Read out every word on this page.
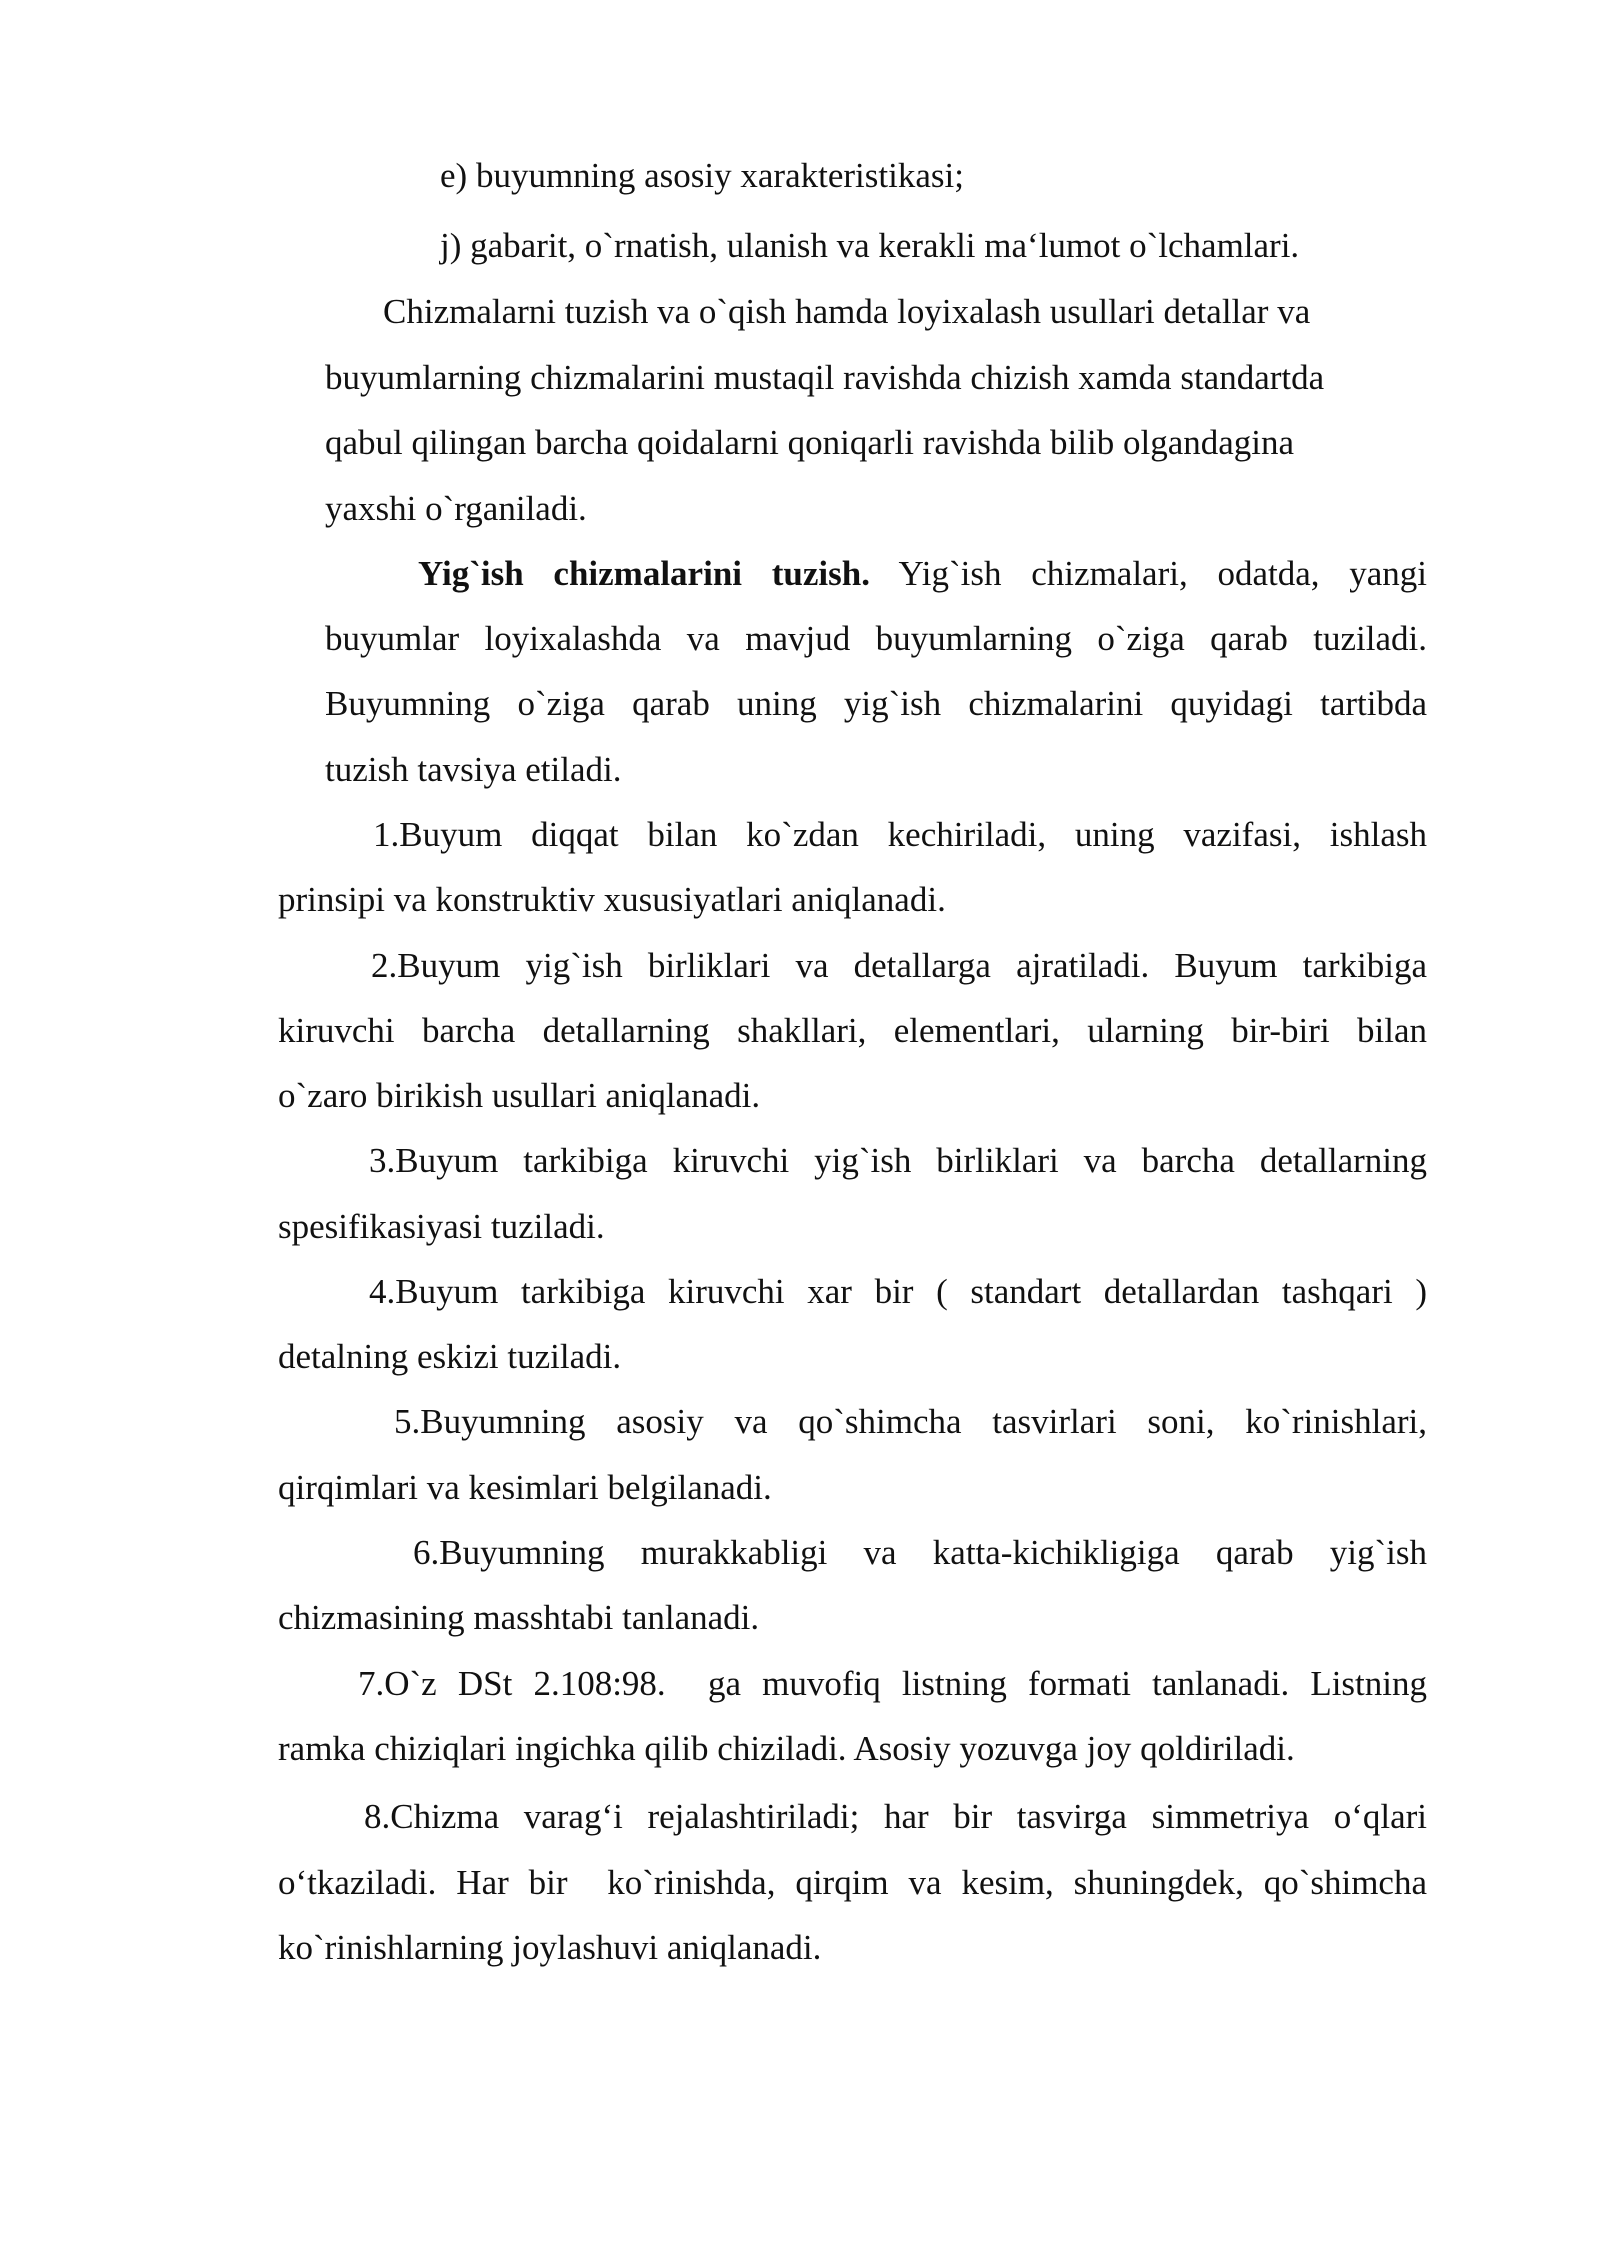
e) buyumning asosiy xarakteristikasi;
j) gabarit, o`rnatish, ulanish va kerakli ma‘lumot o`lchamlari.
Chizmalarni tuzish va o`qish hamda loyixalash usullari detallar va
buyumlarning chizmalarini mustaqil ravishda chizish xamda standartda
qabul qilingan barcha qoidalarni qoniqarli ravishda bilib olgandagina
yaxshi o`rganiladi.
Yig`ish chizmalarini tuzish. Yig`ish chizmalari, odatda, yangi
buyumlar loyixalashda va mavjud buyumlarning o`ziga qarab tuziladi.
Buyumning o`ziga qarab uning yig`ish chizmalarini quyidagi tartibda
tuzish tavsiya etiladi.
1.Buyum diqqat bilan ko`zdan kechiriladi, uning vazifasi, ishlash
prinsipi va konstruktiv xususiyatlari aniqlanadi.
2.Buyum yig`ish birliklari va detallarga ajratiladi. Buyum tarkibiga
kiruvchi barcha detallarning shakllari, elementlari, ularning bir-biri bilan
o`zaro birikish usullari aniqlanadi.
3.Buyum tarkibiga kiruvchi yig`ish birliklari va barcha detallarning
spesifikasiyasi tuziladi.
4.Buyum tarkibiga kiruvchi xar bir ( standart detallardan tashqari )
detalning eskizi tuziladi.
5.Buyumning asosiy va qo`shimcha tasvirlari soni, ko`rinishlari,
qirqimlari va kesimlari belgilanadi.
6.Buyumning murakkabligi va katta-kichikligiga qarab yig`ish
chizmasining masshtabi tanlanadi.
7.O`z DSt 2.108:98.  ga muvofiq listning formati tanlanadi. Listning
ramka chiziqlari ingichka qilib chiziladi. Asosiy yozuvga joy qoldiriladi.
8.Chizma varag‘i rejalashtiriladi; har bir tasvirga simmetriya o‘qlari
o‘tkaziladi. Har bir  ko`rinishda, qirqim va kesim, shuningdek, qo`shimcha
ko`rinishlarning joylashuvi aniqlanadi.
